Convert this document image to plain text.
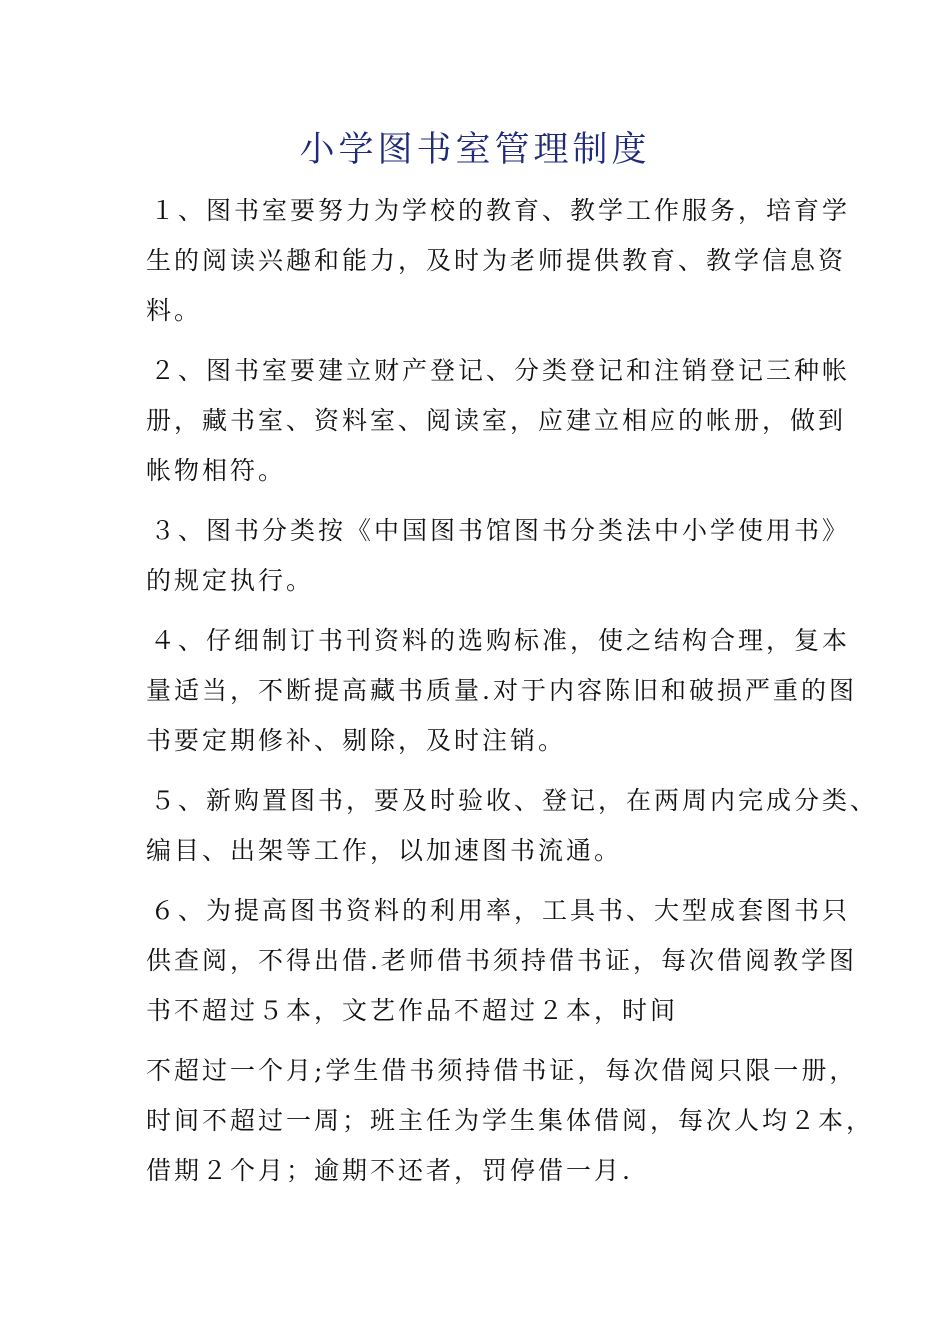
小学图书室管理制度

１、图书室要努力为学校的教育、教学工作服务，培育学

生的阅读兴趣和能力，及时为老师提供教育、教学信息资

料。

２、图书室要建立财产登记、分类登记和注销登记三种帐

册，藏书室、资料室、阅读室，应建立相应的帐册，做到

帐物相符。

３、图书分类按《中国图书馆图书分类法中小学使用书》

的规定执行。

４、仔细制订书刊资料的选购标准，使之结构合理，复本

量适当，不断提高藏书质量.对于内容陈旧和破损严重的图

书要定期修补、剔除，及时注销。

５、新购置图书，要及时验收、登记，在两周内完成分类、

编目、出架等工作，以加速图书流通。

６、为提高图书资料的利用率，工具书、大型成套图书只

供查阅，不得出借.老师借书须持借书证，每次借阅教学图

书不超过５本，文艺作品不超过２本，时间

不超过一个月;学生借书须持借书证，每次借阅只限一册，

时间不超过一周；班主任为学生集体借阅，每次人均２本，

借期２个月；逾期不还者，罚停借一月.
